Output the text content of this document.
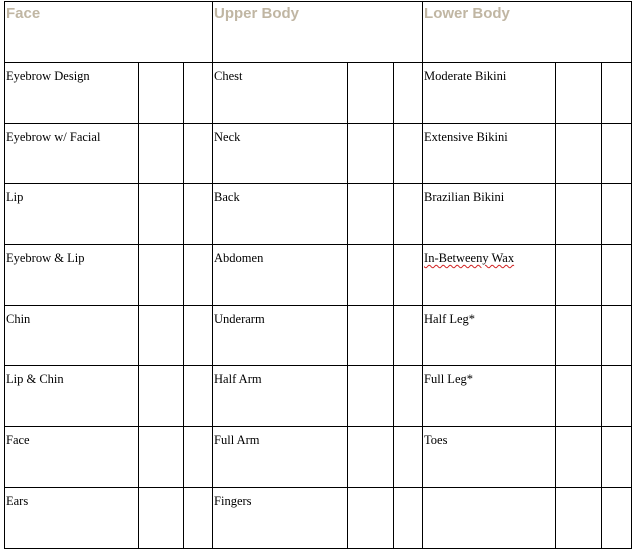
Face			Upper Body			Lower Body		

Eyebrow Design			Chest			Moderate Bikini		

Eyebrow w/ Facial			Neck			Extensive Bikini		

Lip			Back			Brazilian Bikini		

Eyebrow & Lip			Abdomen			In-Betweeny Wax		

Chin			Underarm			Half Leg*		

Lip & Chin			Half Arm			Full Leg*		

Face			Full Arm			Toes		

Ears			Fingers					
